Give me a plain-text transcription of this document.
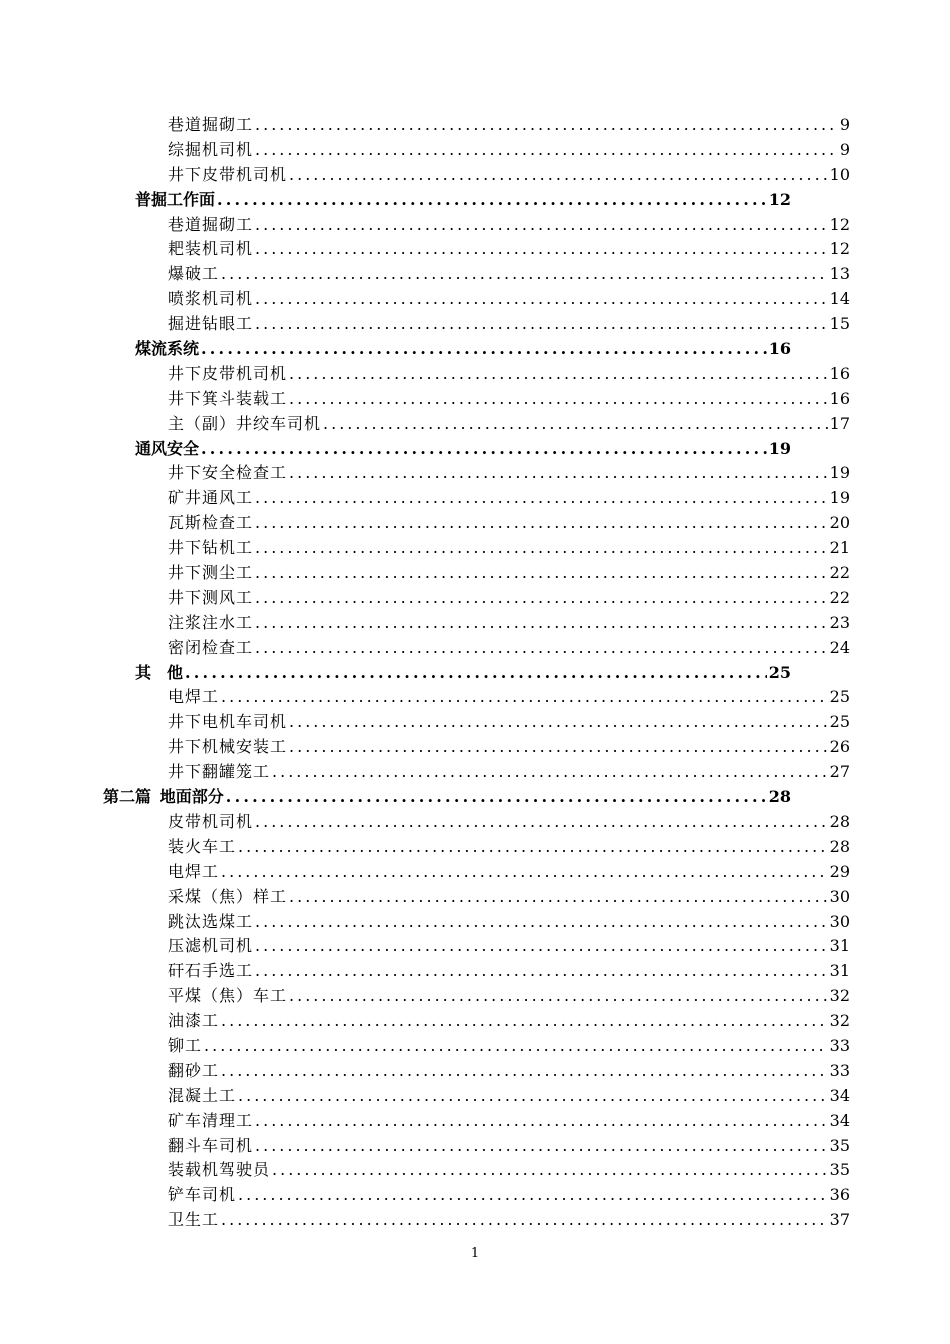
巷道掘砌工 .....	9
综掘机司机 .....	9
井下皮带机司机 .....	10
普掘工作面 .....	12
巷道掘砌工 .....	12
耙装机司机 .....	12
爆破工 .....	13
喷浆机司机 .....	14
掘进钻眼工 .....	15
煤流系统 .....	16
井下皮带机司机 .....	16
井下箕斗装载工 .....	16
主（副）井绞车司机 .....	17
通风安全 .....	19
井下安全检查工 .....	19
矿井通风工 .....	19
瓦斯检查工 .....	20
井下钻机工 .....	21
井下测尘工 .....	22
井下测风工 .....	22
注浆注水工 .....	23
密闭检查工 .....	24
其　他 .....	25
电焊工 .....	25
井下电机车司机 .....	25
井下机械安装工 .....	26
井下翻罐笼工 .....	27
第二篇 地面部分 .....	28
皮带机司机 .....	28
装火车工 .....	28
电焊工 .....	29
采煤（焦）样工 .....	30
跳汰选煤工 .....	30
压滤机司机 .....	31
矸石手选工 .....	31
平煤（焦）车工 .....	32
油漆工 .....	32
铆工 .....	33
翻砂工 .....	33
混凝土工 .....	34
矿车清理工 .....	34
翻斗车司机 .....	35
装载机驾驶员 .....	35
铲车司机 .....	36
卫生工 .....	37
1
